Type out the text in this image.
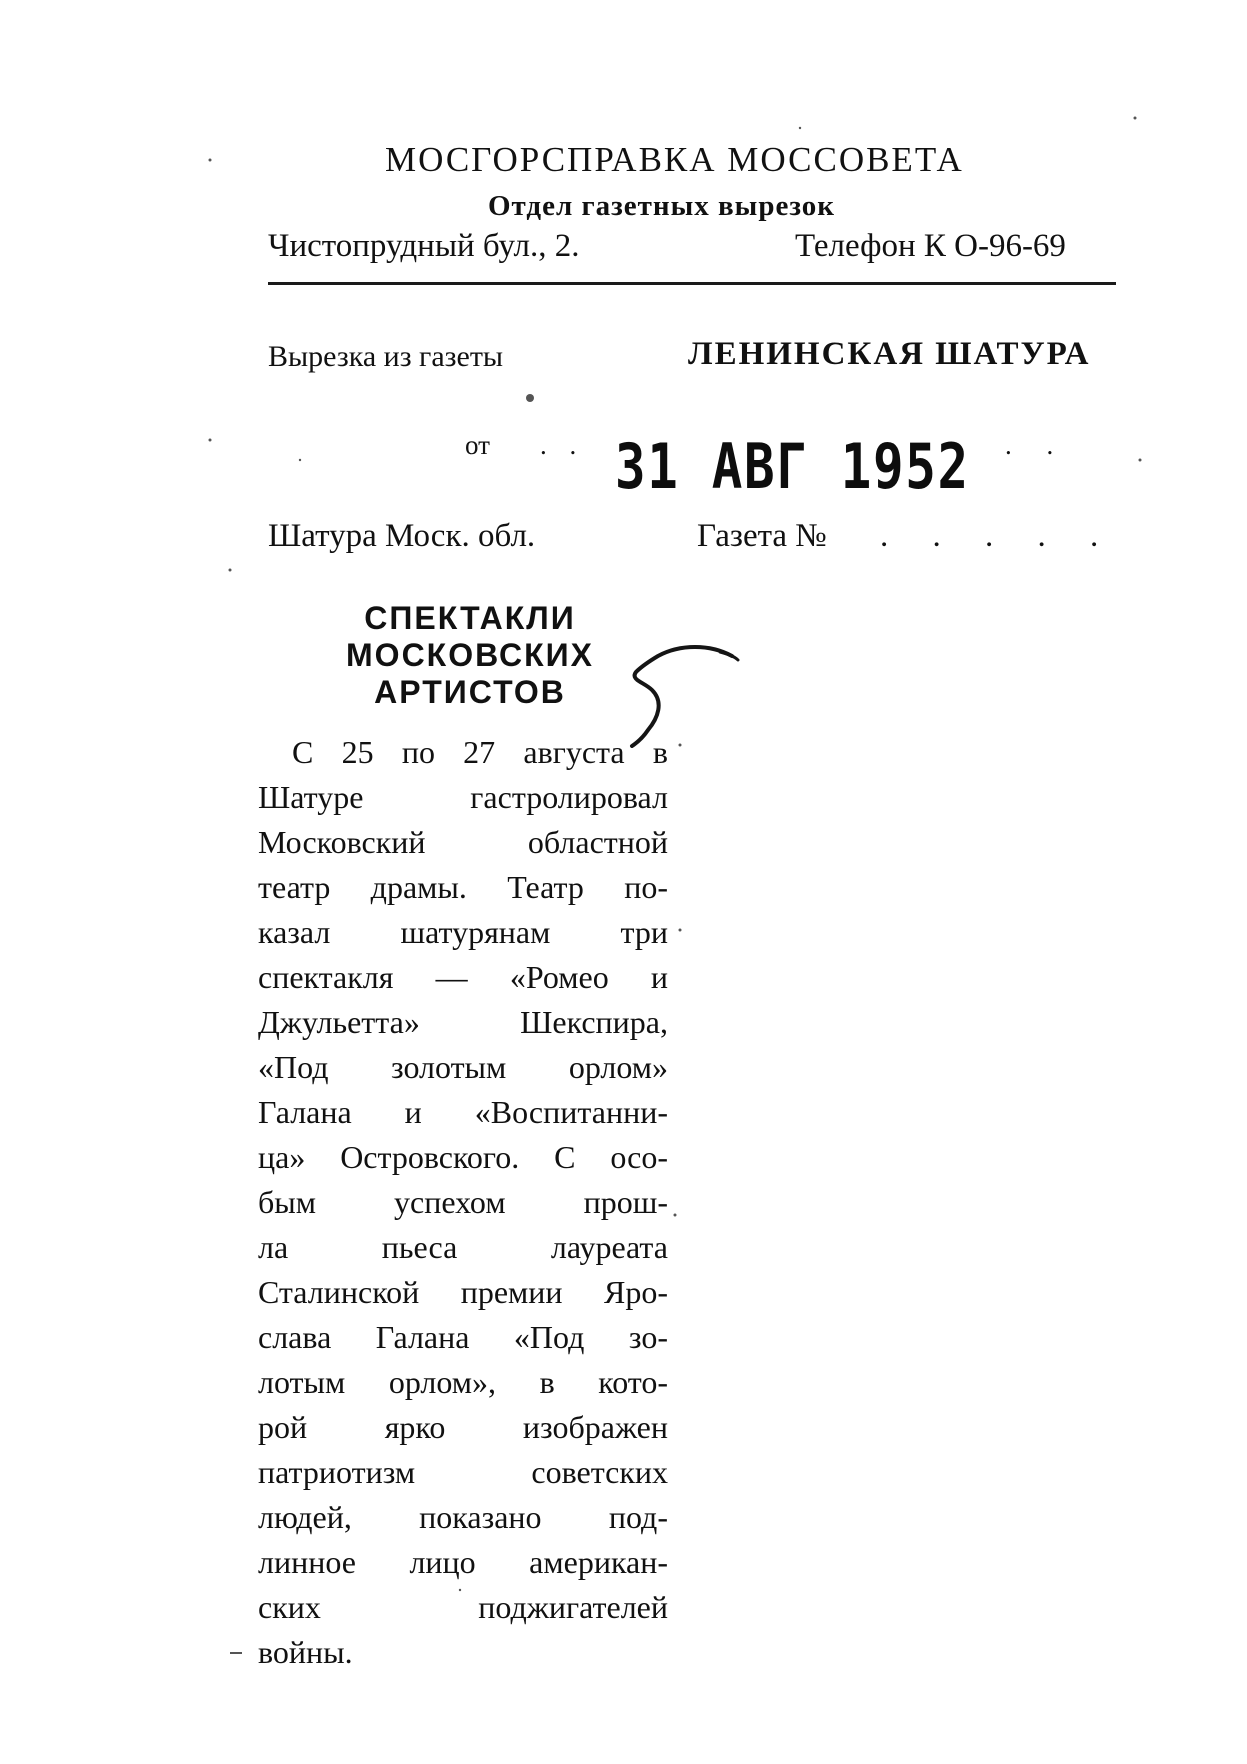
МОСГОРСПРАВКА МОССОВЕТА
Отдел газетных вырезок
Чистопрудный бул., 2.	Телефон К О-96-69
Вырезка из газеты	ЛЕНИНСКАЯ ШАТУРА
от . . 31 АВГ 1952 . .
Шатура Моск. обл.	Газета № . . . . .
СПЕКТАКЛИ
МОСКОВСКИХ
АРТИСТОВ
С 25 по 27 августа в
Шатуре	гастролировал
Московский	областной
театр драмы. Театр по-
казал шатурянам три
спектакля — «Ромео и
Джульетта»	Шекспира,
«Под золотым орлом»
Галана и «Воспитанни-
ца» Островского. С осо-
бым успехом прош-
ла	пьеса	лауреата
Сталинской премии Яро-
слава Галана «Под зо-
лотым орлом», в кото-
рой ярко изображен
патриотизм	советских
людей, показано под-
линное лицо американ-
ских	поджигателей
войны.
